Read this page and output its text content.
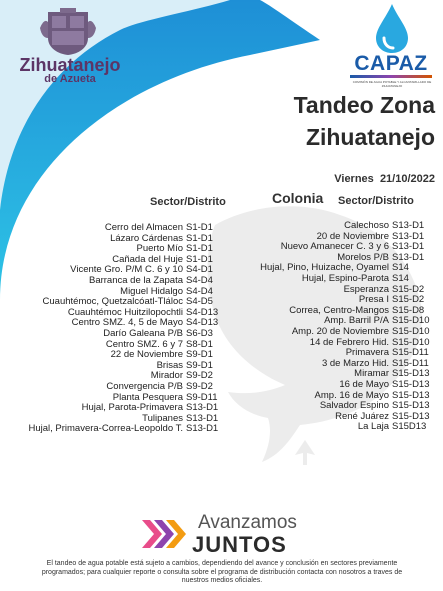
Zihuatanejo
de Azueta
CAPAZ
COMISIÓN DE AGUA POTABLE Y ALCANTARILLADO DE ZIHUATANEJO
Tandeo Zona
Zihuatanejo
Viernes 21/10/2022
Sector/Distrito	Colonia Sector/Distrito
Cerro del Almacen S1-D1
Lázaro Cárdenas S1-D1
Puerto Mío S1-D1
Cañada del Huje S1-D1
Vicente Gro. P/M C. 6 y 10 S4-D1
Barranca de la Zapata S4-D4
Miguel Hidalgo S4-D4
Cuauhtémoc, Quetzalcóatl-Tláloc S4-D5
Cuauhtémoc Huitzilopochtli S4-D13
Centro SMZ. 4, 5 de Mayo S4-D13
Darío Galeana P/B S6-D3
Centro SMZ. 6 y 7 S8-D1
22 de Noviembre S9-D1
Brisas S9-D1
Mirador S9-D2
Convergencia P/B S9-D2
Planta Pesquera S9-D11
Hujal, Parota-Primavera S13-D1
Tulipanes S13-D1
Hujal, Primavera-Correa-Leopoldo T. S13-D1
Calechoso S13-D1
20 de Noviembre S13-D1
Nuevo Amanecer C. 3 y 6 S13-D1
Morelos P/B S13-D1
Hujal, Pino, Huizache, Oyamel S14
Hujal, Espino-Parota S14
Esperanza S15-D2
Presa I S15-D2
Correa, Centro-Mangos S15-D8
Amp. Barril P/A S15-D10
Amp. 20 de Noviembre S15-D10
14 de Febrero Hid. S15-D10
Primavera S15-D11
3 de Marzo Hid. S15-D11
Miramar S15-D13
16 de Mayo S15-D13
Amp. 16 de Mayo S15-D13
Salvador Espino S15-D13
René Juárez S15-D13
La Laja S15D13
Avanzamos
JUNTOS
El tandeo de agua potable está sujeto a cambios, dependiendo del avance y conclusión en sectores previamente programados; para cualquier reporte o consulta sobre el programa de distribución contacta con nosotros a traves de nuestros medios oficiales.
